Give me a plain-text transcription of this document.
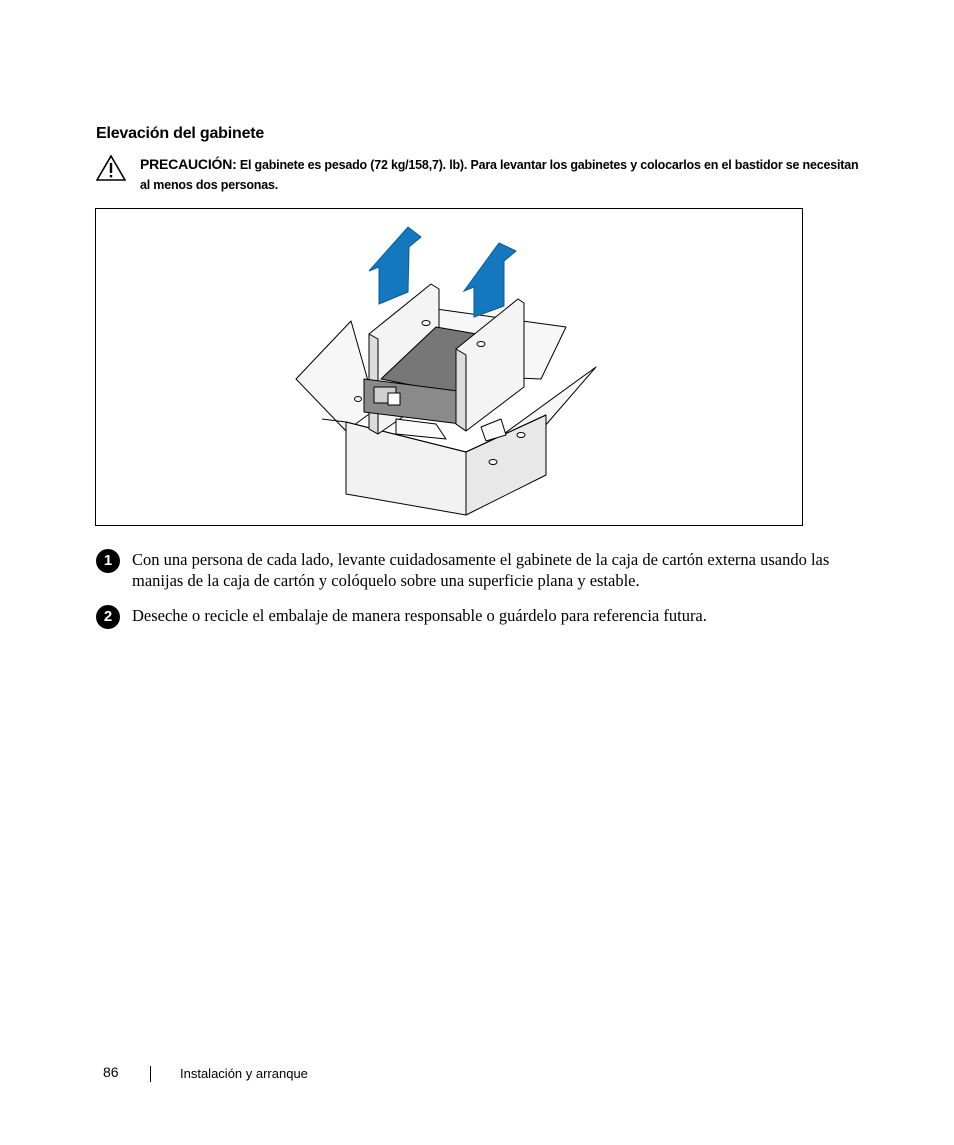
Elevación del gabinete
PRECAUCIÓN: El gabinete es pesado (72 kg/158,7). lb). Para levantar los gabinetes y colocarlos en el bastidor se necesitan al menos dos personas.
1	Con una persona de cada lado, levante cuidadosamente el gabinete de la caja de cartón externa usando las manijas de la caja de cartón y colóquelo sobre una superficie plana y estable.
2	Deseche o recicle el embalaje de manera responsable o guárdelo para referencia futura.
86	Instalación y arranque
